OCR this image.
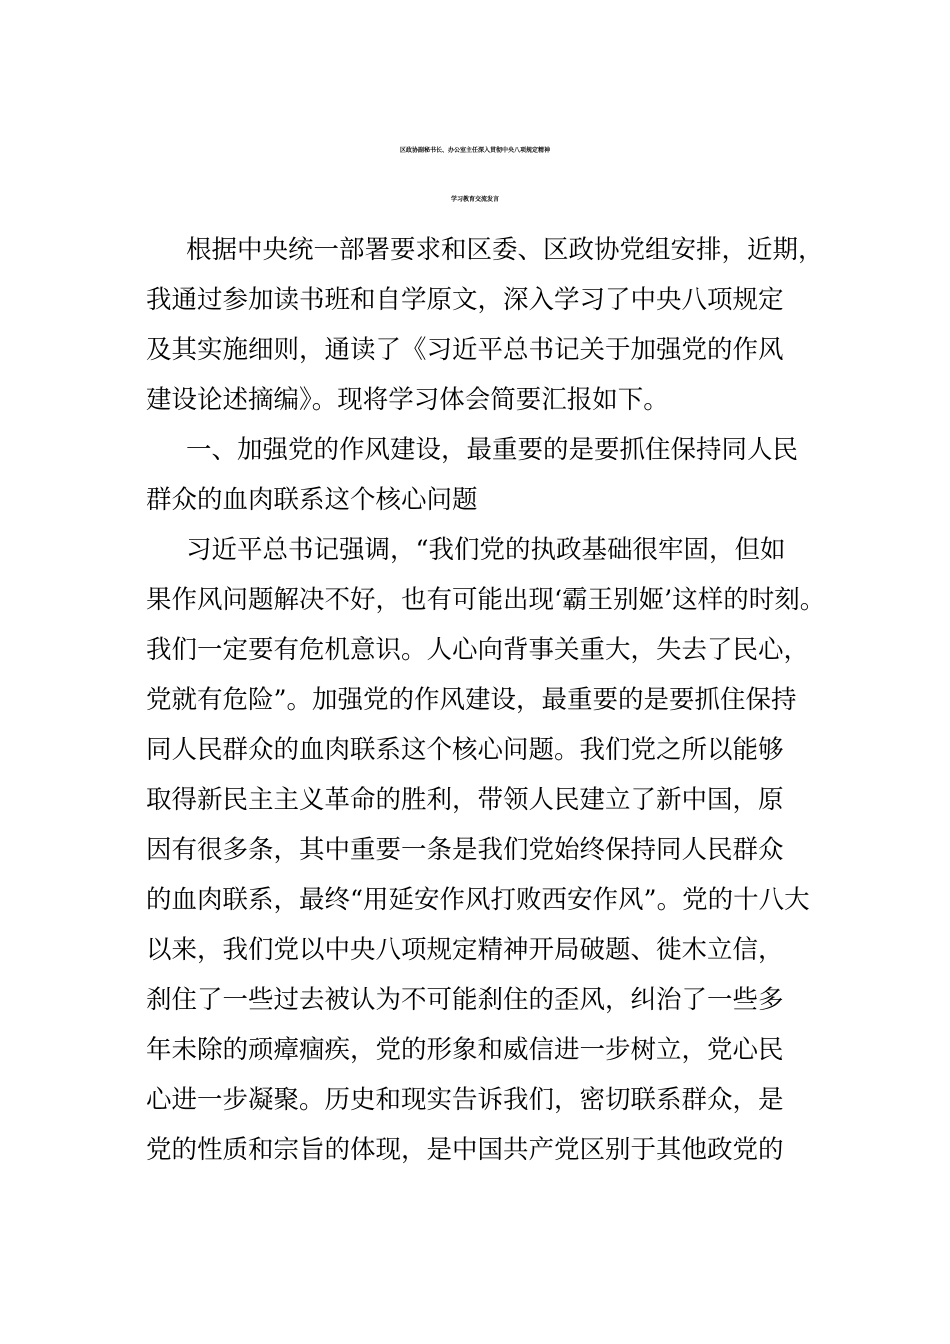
区政协副秘书长、办公室主任深入贯彻中央八项规定精神
学习教育交流发言
根据中央统一部署要求和区委、区政协党组安排，近期，
我通过参加读书班和自学原文，深入学习了中央八项规定
及其实施细则，通读了《习近平总书记关于加强党的作风
建设论述摘编》。现将学习体会简要汇报如下。
一、加强党的作风建设，最重要的是要抓住保持同人民
群众的血肉联系这个核心问题
习近平总书记强调，“我们党的执政基础很牢固，但如
果作风问题解决不好，也有可能出现‘霸王别姬’这样的时刻。
我们一定要有危机意识。人心向背事关重大，失去了民心，
党就有危险”。加强党的作风建设，最重要的是要抓住保持
同人民群众的血肉联系这个核心问题。我们党之所以能够
取得新民主主义革命的胜利，带领人民建立了新中国，原
因有很多条，其中重要一条是我们党始终保持同人民群众
的血肉联系，最终“用延安作风打败西安作风”。党的十八大
以来，我们党以中央八项规定精神开局破题、徙木立信，
刹住了一些过去被认为不可能刹住的歪风，纠治了一些多
年未除的顽瘴痼疾，党的形象和威信进一步树立，党心民
心进一步凝聚。历史和现实告诉我们，密切联系群众，是
党的性质和宗旨的体现，是中国共产党区别于其他政党的
